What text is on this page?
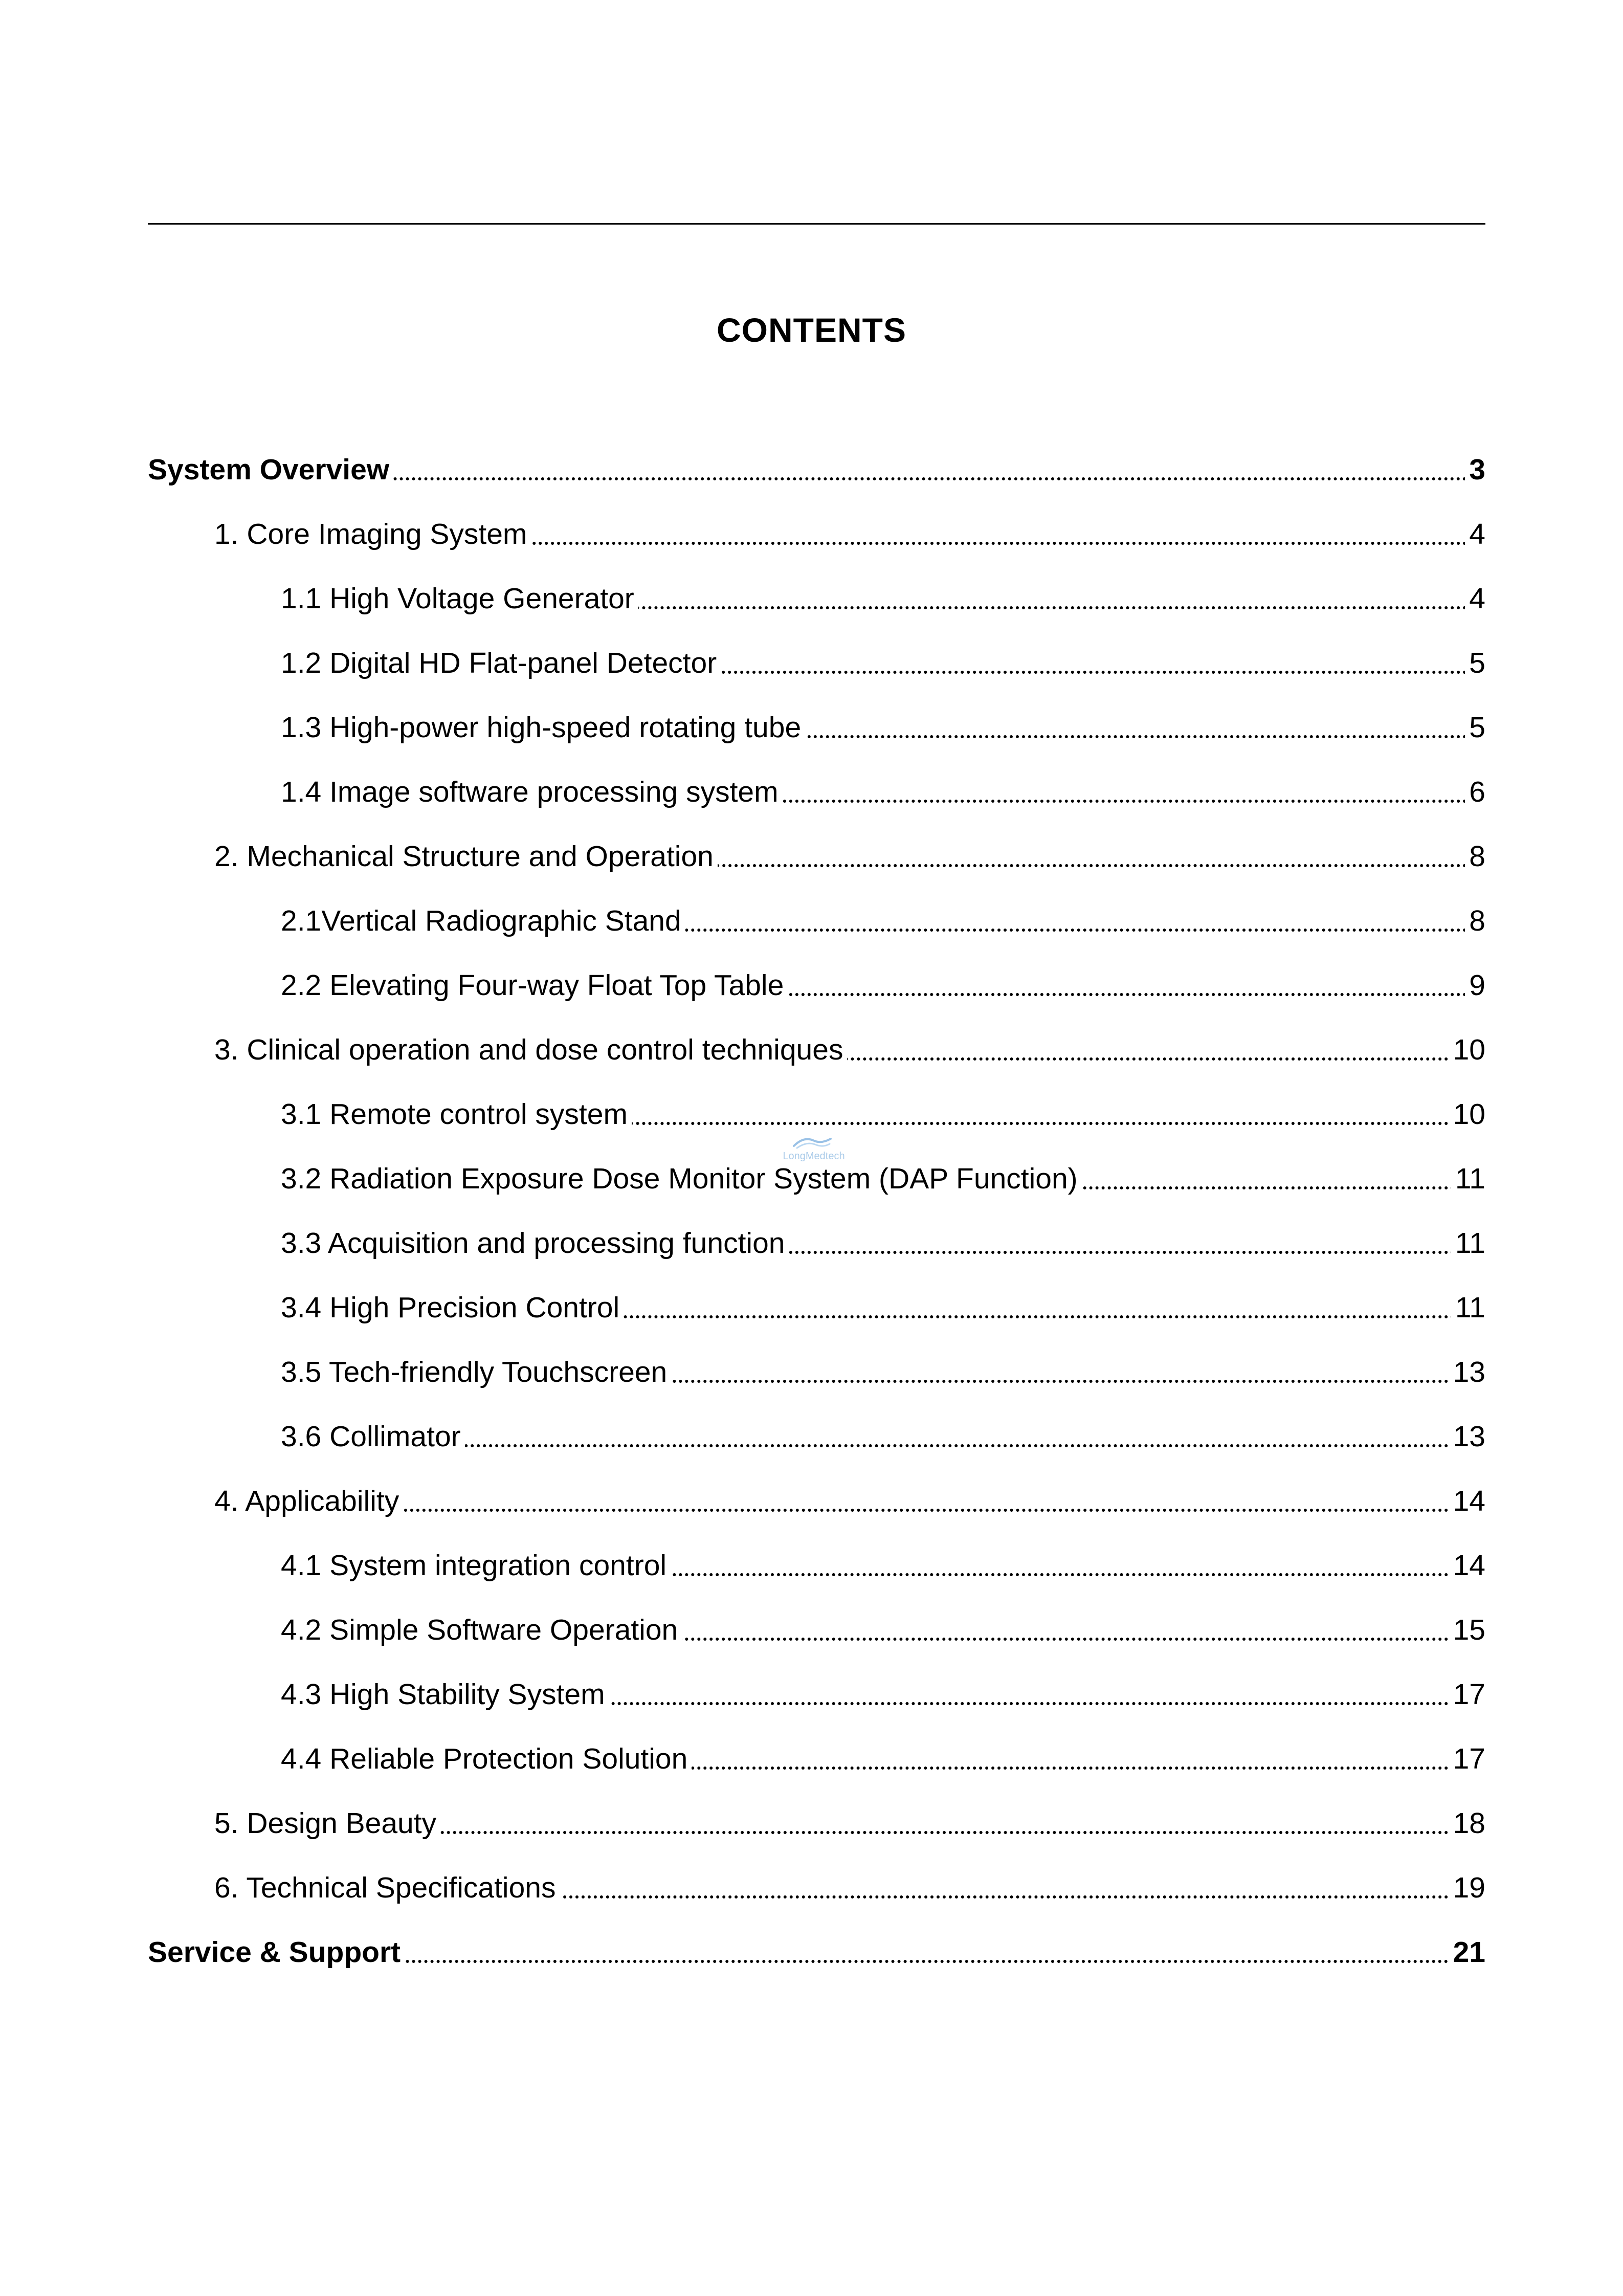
CONTENTS
System Overview	3
1. Core Imaging System	4
1.1 High Voltage Generator	4
1.2 Digital HD Flat-panel Detector	5
1.3 High-power high-speed rotating tube	5
1.4 Image software processing system	6
2. Mechanical Structure and Operation	8
2.1Vertical Radiographic Stand	8
2.2 Elevating Four-way Float Top Table	9
3. Clinical operation and dose control techniques	10
3.1 Remote control system	10
3.2 Radiation Exposure Dose Monitor System (DAP Function)	11
3.3 Acquisition and processing function	11
3.4 High Precision Control	11
3.5 Tech-friendly Touchscreen	13
3.6 Collimator	13
4. Applicability	14
4.1 System integration control	14
4.2 Simple Software Operation	15
4.3 High Stability System	17
4.4 Reliable Protection Solution	17
5. Design Beauty	18
6. Technical Specifications	19
Service & Support	21
LongMedtech
